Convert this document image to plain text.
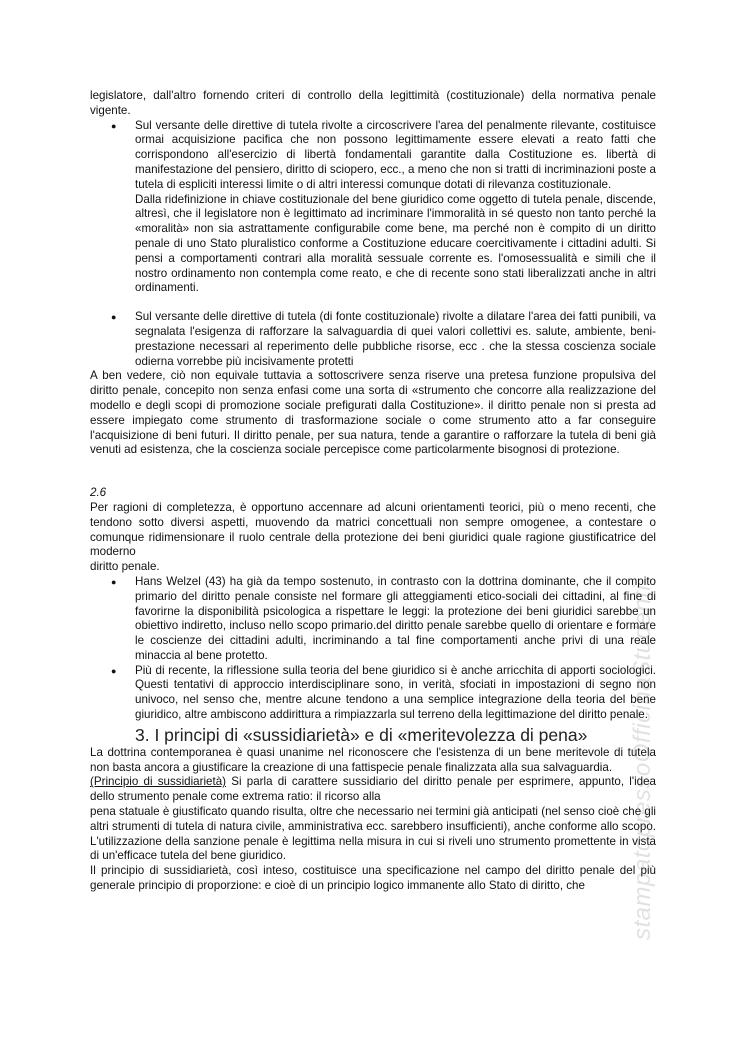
legislatore, dall'altro fornendo criteri di controllo della legittimità (costituzionale) della normativa penale vigente.

● Sul versante delle direttive di tutela rivolte a circoscrivere l'area del penalmente rilevante, costituisce ormai acquisizione pacifica che non possono legittimamente essere elevati a reato fatti che corrispondono all'esercizio di libertà fondamentali garantite dalla Costituzione es. libertà di manifestazione del pensiero, diritto di sciopero, ecc., a meno che non si tratti di incriminazioni poste a tutela di espliciti interessi limite o di altri interessi comunque dotati di rilevanza costituzionale.

Dalla ridefinizione in chiave costituzionale del bene giuridico come oggetto di tutela penale, discende, altresì, che il legislatore non è legittimato ad incriminare l'immoralità in sé questo non tanto perché la «moralità» non sia astrattamente configurabile come bene, ma perché non è compito di un diritto penale di uno Stato pluralistico conforme a Costituzione educare coercitivamente i cittadini adulti. Si pensi a comportamenti contrari alla moralità sessuale corrente es. l'omosessualità e simili che il nostro ordinamento non contempla come reato, e che di recente sono stati liberalizzati anche in altri ordinamenti.

● Sul versante delle direttive di tutela (di fonte costituzionale) rivolte a dilatare l'area dei fatti punibili, va segnalata l'esigenza di rafforzare la salvaguardia di quei valori collettivi es. salute, ambiente, beni-prestazione necessari al reperimento delle pubbliche risorse, ecc . che la stessa coscienza sociale odierna vorrebbe più incisivamente protetti

A ben vedere, ciò non equivale tuttavia a sottoscrivere senza riserve una pretesa funzione propulsiva del diritto penale, concepito non senza enfasi come una sorta di «strumento che concorre alla realizzazione del modello e degli scopi di promozione sociale prefigurati dalla Costituzione». il diritto penale non si presta ad essere impiegato come strumento di trasformazione sociale o come strumento atto a far conseguire l'acquisizione di beni futuri. Il diritto penale, per sua natura, tende a garantire o rafforzare la tutela di beni già venuti ad esistenza, che la coscienza sociale percepisce come particolarmente bisognosi di protezione.

2.6

Per ragioni di completezza, è opportuno accennare ad alcuni orientamenti teorici, più o meno recenti, che tendono sotto diversi aspetti, muovendo da matrici concettuali non sempre omogenee, a contestare o comunque ridimensionare il ruolo centrale della protezione dei beni giuridici quale ragione giustificatrice del moderno

diritto penale.

● Hans Welzel (43) ha già da tempo sostenuto, in contrasto con la dottrina dominante, che il compito primario del diritto penale consiste nel formare gli atteggiamenti etico-sociali dei cittadini, al fine di favorirne la disponibilità psicologica a rispettare le leggi: la protezione dei beni giuridici sarebbe un obiettivo indiretto, incluso nello scopo primario.del diritto penale sarebbe quello di orientare e formare le coscienze dei cittadini adulti, incriminando a tal fine comportamenti anche privi di una reale minaccia al bene protetto.

● Più di recente, la riflessione sulla teoria del bene giuridico si è anche arricchita di apporti sociologici. Questi tentativi di approccio interdisciplinare sono, in verità, sfociati in impostazioni di segno non univoco, nel senso che, mentre alcune tendono a una semplice integrazione della teoria del bene giuridico, altre ambiscono addirittura a rimpiazzarla sul terreno della legittimazione del diritto penale.

3. I principi di «sussidiarietà» e di «meritevolezza di pena»

La dottrina contemporanea è quasi unanime nel riconoscere che l'esistenza di un bene meritevole di tutela non basta ancora a giustificare la creazione di una fattispecie penale finalizzata alla sua salvaguardia.

(Principio di sussidiarietà) Si parla di carattere sussidiario del diritto penale per esprimere, appunto, l'idea dello strumento penale come extrema ratio: il ricorso alla

pena statuale è giustificato quando risulta, oltre che necessario nei termini già anticipati (nel senso cioè che gli altri strumenti di tutela di natura civile, amministrativa ecc. sarebbero insufficienti), anche conforme allo scopo. L'utilizzazione della sanzione penale è legittima nella misura in cui si riveli uno strumento promettente in vista di un'efficace tutela del bene giuridico.

Il principio di sussidiarietà, così inteso, costituisce una specificazione nel campo del diritto penale del più generale principio di proporzione: e cioè di un principio logico immanente allo Stato di diritto, che	stampatopressoOfficinaStudenti
